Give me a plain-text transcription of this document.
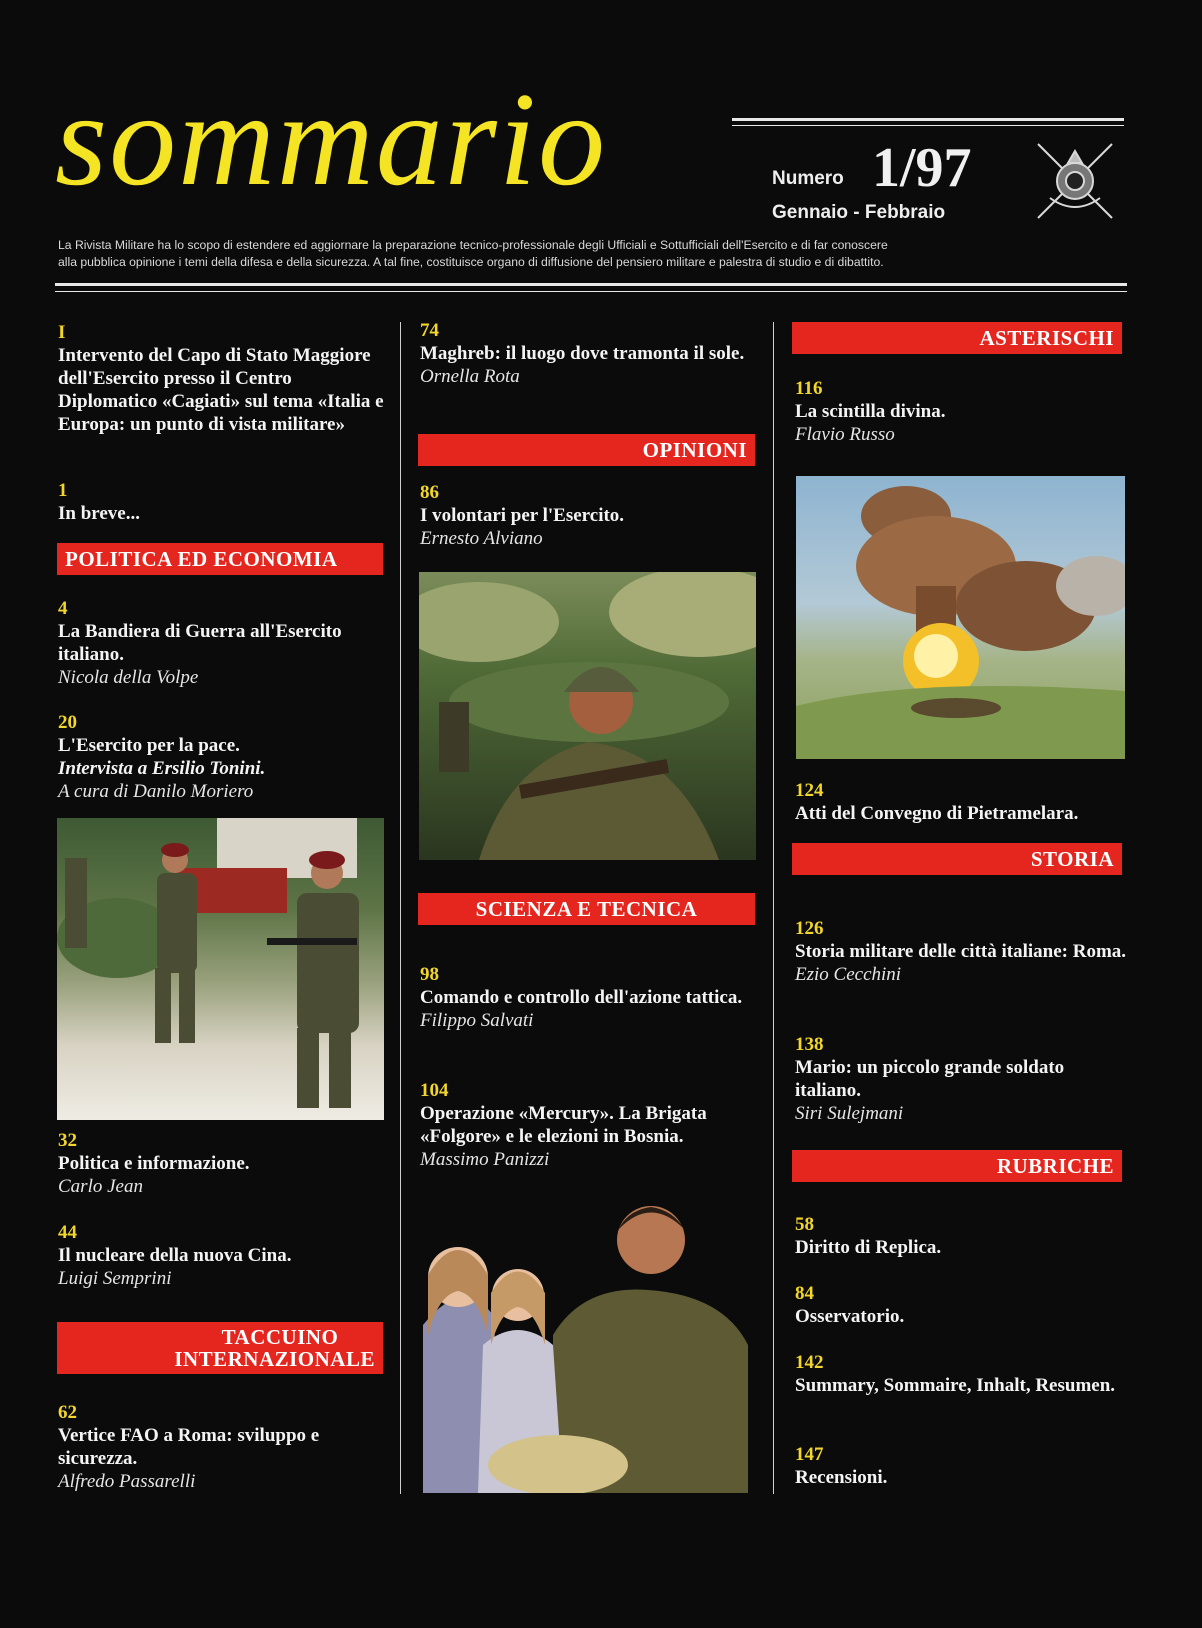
sommario	Numero 1/97
Gennaio - Febbraio
La Rivista Militare ha lo scopo di estendere ed aggiornare la preparazione tecnico-professionale degli Ufficiali e Sottufficiali dell'Esercito e di far conoscere
alla pubblica opinione i temi della difesa e della sicurezza. A tal fine, costituisce organo di diffusione del pensiero militare e palestra di studio e di dibattito.
I
Intervento del Capo di Stato Maggiore dell'Esercito presso il Centro Diplomatico «Cagiati» sul tema «Italia e Europa: un punto di vista militare»
1
In breve...
POLITICA ED ECONOMIA
4
La Bandiera di Guerra all'Esercito italiano.
Nicola della Volpe
20
L'Esercito per la pace.
Intervista a Ersilio Tonini.
A cura di Danilo Moriero
32
Politica e informazione.
Carlo Jean
44
Il nucleare della nuova Cina.
Luigi Semprini
TACCUINO
INTERNAZIONALE
62
Vertice FAO a Roma: sviluppo e sicurezza.
Alfredo Passarelli
74
Maghreb: il luogo dove tramonta il sole.
Ornella Rota
OPINIONI
86
I volontari per l'Esercito.
Ernesto Alviano
SCIENZA E TECNICA
98
Comando e controllo dell'azione tattica.
Filippo Salvati
104
Operazione «Mercury». La Brigata «Folgore» e le elezioni in Bosnia.
Massimo Panizzi
ASTERISCHI
116
La scintilla divina.
Flavio Russo
124
Atti del Convegno di Pietramelara.
STORIA
126
Storia militare delle città italiane: Roma.
Ezio Cecchini
138
Mario: un piccolo grande soldato italiano.
Siri Sulejmani
RUBRICHE
58
Diritto di Replica.
84
Osservatorio.
142
Summary, Sommaire, Inhalt, Resumen.
147
Recensioni.
